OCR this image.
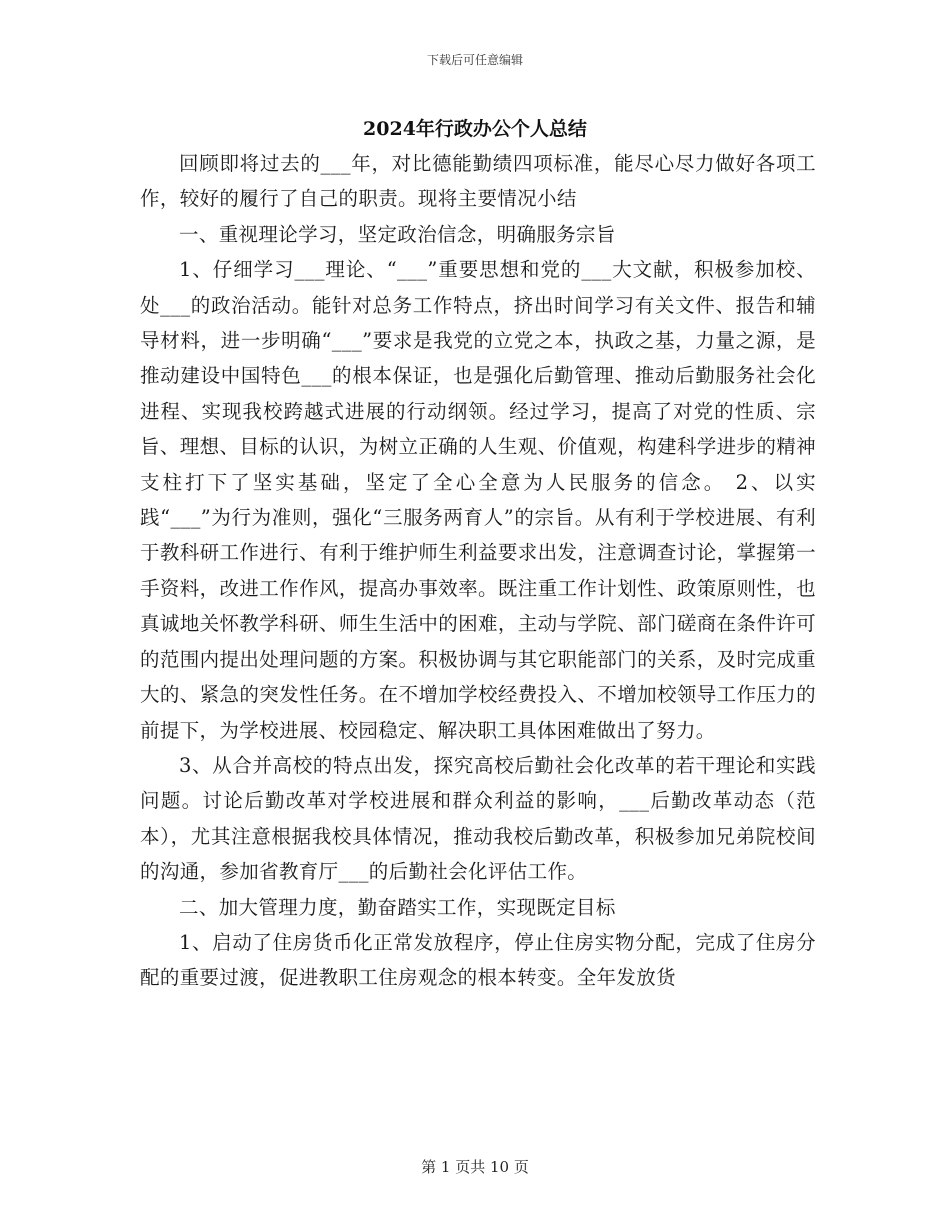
下载后可任意编辑
2024年行政办公个人总结

回顾即将过去的___年，对比德能勤绩四项标准，能尽心尽力做好各项工作，较好的履行了自己的职责。现将主要情况小结

一、重视理论学习，坚定政治信念，明确服务宗旨

1、仔细学习___理论、“___”重要思想和党的___大文献，积极参加校、处___的政治活动。能针对总务工作特点，挤出时间学习有关文件、报告和辅导材料，进一步明确“___”要求是我党的立党之本，执政之基，力量之源，是推动建设中国特色___的根本保证，也是强化后勤管理、推动后勤服务社会化进程、实现我校跨越式进展的行动纲领。经过学习，提高了对党的性质、宗旨、理想、目标的认识，为树立正确的人生观、价值观，构建科学进步的精神支柱打下了坚实基础，坚定了全心全意为人民服务的信念。 2、以实践“___”为行为准则，强化“三服务两育人”的宗旨。从有利于学校进展、有利于教科研工作进行、有利于维护师生利益要求出发，注意调查讨论，掌握第一手资料，改进工作作风，提高办事效率。既注重工作计划性、政策原则性，也真诚地关怀教学科研、师生生活中的困难，主动与学院、部门磋商在条件许可的范围内提出处理问题的方案。积极协调与其它职能部门的关系，及时完成重大的、紧急的突发性任务。在不增加学校经费投入、不增加校领导工作压力的前提下，为学校进展、校园稳定、解决职工具体困难做出了努力。

3、从合并高校的特点出发，探究高校后勤社会化改革的若干理论和实践问题。讨论后勤改革对学校进展和群众利益的影响，___后勤改革动态（范本），尤其注意根据我校具体情况，推动我校后勤改革，积极参加兄弟院校间的沟通，参加省教育厅___的后勤社会化评估工作。

二、加大管理力度，勤奋踏实工作，实现既定目标

1、启动了住房货币化正常发放程序，停止住房实物分配，完成了住房分配的重要过渡，促进教职工住房观念的根本转变。全年发放货

第 1 页共 10 页
